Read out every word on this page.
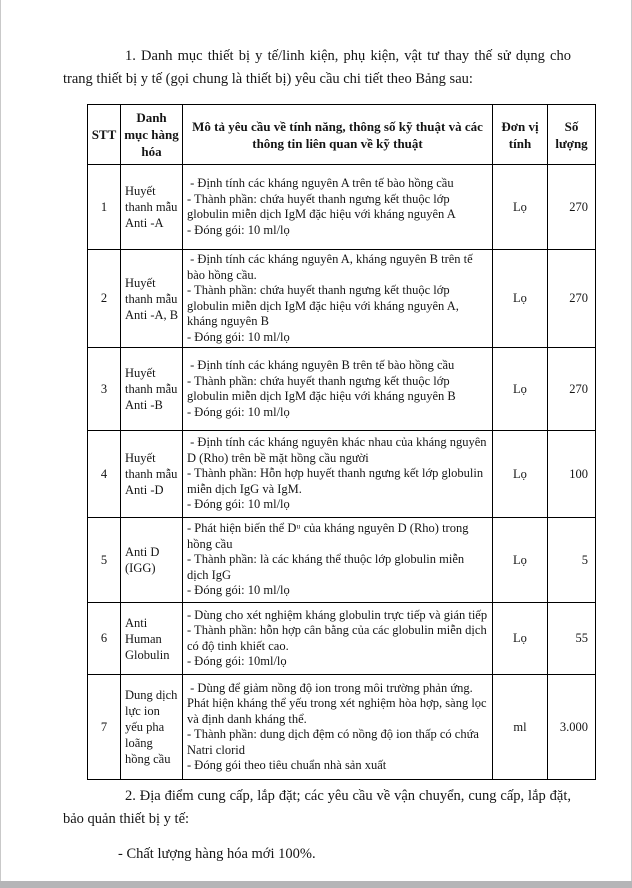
1. Danh mục thiết bị y tế/linh kiện, phụ kiện, vật tư thay thế sử dụng cho trang thiết bị y tế (gọi chung là thiết bị) yêu cầu chi tiết theo Bảng sau:

STT	Danh mục hàng hóa	Mô tả yêu cầu về tính năng, thông số kỹ thuật và các thông tin liên quan về kỹ thuật	Đơn vị tính	Số lượng
1	Huyết thanh mẫu Anti -A	- Định tính các kháng nguyên A trên tế bào hồng cầu
- Thành phần: chứa huyết thanh ngưng kết thuộc lớp globulin miễn dịch IgM đặc hiệu với kháng nguyên A
- Đóng gói: 10 ml/lọ	Lọ	270
2	Huyết thanh mẫu Anti -A, B	- Định tính các kháng nguyên A, kháng nguyên B trên tế bào hồng cầu.
- Thành phần: chứa huyết thanh ngưng kết thuộc lớp globulin miễn dịch IgM đặc hiệu với kháng nguyên A, kháng nguyên B
- Đóng gói: 10 ml/lọ	Lọ	270
3	Huyết thanh mẫu Anti -B	- Định tính các kháng nguyên B trên tế bào hồng cầu
- Thành phần: chứa huyết thanh ngưng kết thuộc lớp globulin miễn dịch IgM đặc hiệu với kháng nguyên B
- Đóng gói: 10 ml/lọ	Lọ	270
4	Huyết thanh mẫu Anti -D	- Định tính các kháng nguyên khác nhau của kháng nguyên D (Rho) trên bề mặt hồng cầu người
- Thành phần: Hỗn hợp huyết thanh ngưng kết lớp globulin miễn dịch IgG và IgM.
- Đóng gói: 10 ml/lọ	Lọ	100
5	Anti D (IGG)	- Phát hiện biến thể Dᵘ của kháng nguyên D (Rho) trong hồng cầu
- Thành phần: là các kháng thể thuộc lớp globulin miễn dịch IgG
- Đóng gói: 10 ml/lọ	Lọ	5
6	Anti Human Globulin	- Dùng cho xét nghiệm kháng globulin trực tiếp và gián tiếp
- Thành phần: hỗn hợp cân bằng của các globulin miễn dịch có độ tinh khiết cao.
- Đóng gói: 10ml/lọ	Lọ	55
7	Dung dịch lực ion yếu pha loãng hồng cầu	- Dùng để giảm nồng độ ion trong môi trường phản ứng. Phát hiện kháng thể yếu trong xét nghiệm hòa hợp, sàng lọc và định danh kháng thể.
- Thành phần: dung dịch đệm có nồng độ ion thấp có chứa Natri clorid
- Đóng gói theo tiêu chuẩn nhà sản xuất	ml	3.000

2. Địa điểm cung cấp, lắp đặt; các yêu cầu về vận chuyển, cung cấp, lắp đặt, bảo quản thiết bị y tế:

- Chất lượng hàng hóa mới 100%.
